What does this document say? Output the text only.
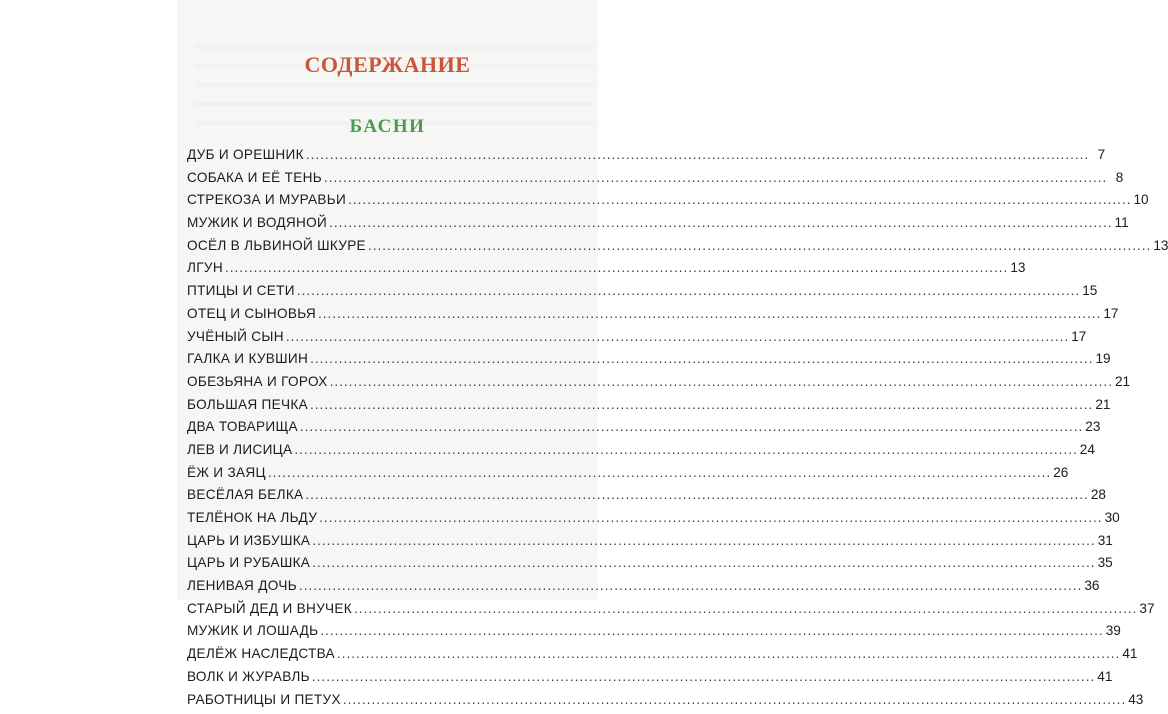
СОДЕРЖАНИЕ
БАСНИ
ДУБ И ОРЕШНИК .....	7
СОБАКА И ЕЁ ТЕНЬ .....	8
СТРЕКОЗА И МУРАВЬИ .....	10
МУЖИК И ВОДЯНОЙ .....	11
ОСЁЛ В ЛЬВИНОЙ ШКУРЕ .....	13
ЛГУН .....	13
ПТИЦЫ И СЕТИ .....	15
ОТЕЦ И СЫНОВЬЯ .....	17
УЧЁНЫЙ СЫН .....	17
ГАЛКА И КУВШИН .....	19
ОБЕЗЬЯНА И ГОРОХ .....	21
БОЛЬШАЯ ПЕЧКА .....	21
ДВА ТОВАРИЩА .....	23
ЛЕВ И ЛИСИЦА .....	24
ЁЖ И ЗАЯЦ .....	26
ВЕСЁЛАЯ БЕЛКА .....	28
ТЕЛЁНОК НА ЛЬДУ .....	30
ЦАРЬ И ИЗБУШКА .....	31
ЦАРЬ И РУБАШКА .....	35
ЛЕНИВАЯ ДОЧЬ .....	36
СТАРЫЙ ДЕД И ВНУЧЕК .....	37
МУЖИК И ЛОШАДЬ .....	39
ДЕЛЁЖ НАСЛЕДСТВА .....	41
ВОЛК И ЖУРАВЛЬ .....	41
РАБОТНИЦЫ И ПЕТУХ .....	43
